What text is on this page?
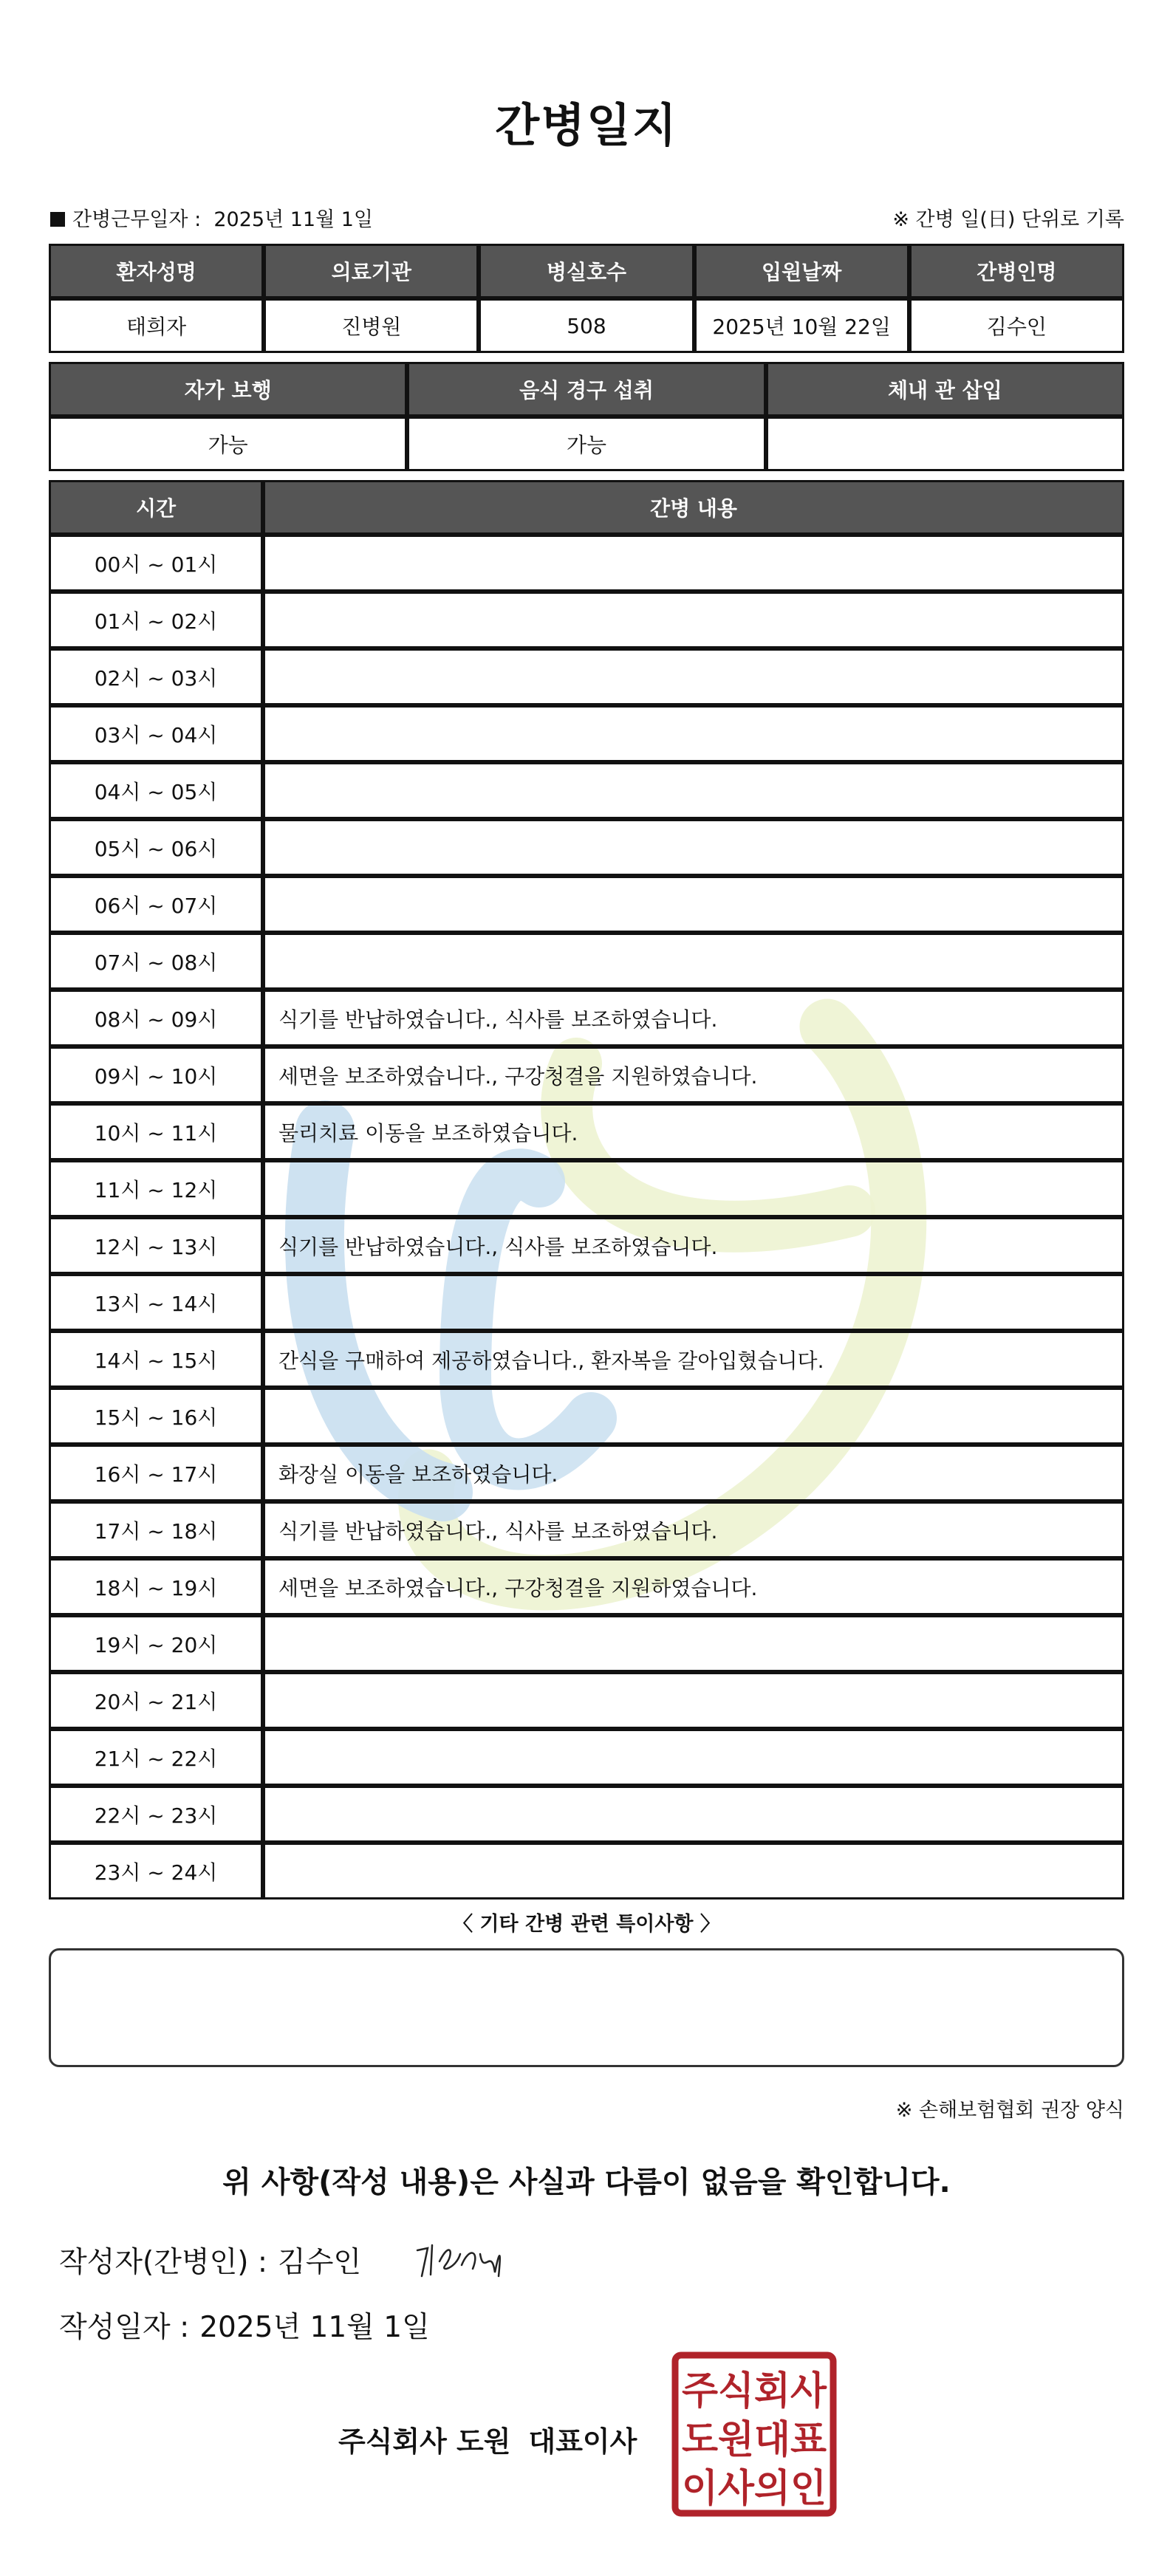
간병일지
간병근무일자 : 2025년 11월 1일	※ 간병 일(日) 단위로 기록
환자성명	의료기관	병실호수	입원날짜	간병인명
태희자	진병원	508	2025년 10월 22일	김수인
자가 보행	음식 경구 섭취	체내 관 삽입
가능	가능	
시간	간병 내용
00시 ~ 01시	
01시 ~ 02시	
02시 ~ 03시	
03시 ~ 04시	
04시 ~ 05시	
05시 ~ 06시	
06시 ~ 07시	
07시 ~ 08시	
08시 ~ 09시	식기를 반납하였습니다., 식사를 보조하였습니다.
09시 ~ 10시	세면을 보조하였습니다., 구강청결을 지원하였습니다.
10시 ~ 11시	물리치료 이동을 보조하였습니다.
11시 ~ 12시	
12시 ~ 13시	식기를 반납하였습니다., 식사를 보조하였습니다.
13시 ~ 14시	
14시 ~ 15시	간식을 구매하여 제공하였습니다., 환자복을 갈아입혔습니다.
15시 ~ 16시	
16시 ~ 17시	화장실 이동을 보조하였습니다.
17시 ~ 18시	식기를 반납하였습니다., 식사를 보조하였습니다.
18시 ~ 19시	세면을 보조하였습니다., 구강청결을 지원하였습니다.
19시 ~ 20시	
20시 ~ 21시	
21시 ~ 22시	
22시 ~ 23시	
23시 ~ 24시	
〈 기타 간병 관련 특이사항 〉
※ 손해보험협회 권장 양식
위 사항(작성 내용)은 사실과 다름이 없음을 확인합니다.
작성자(간병인) : 김수인
작성일자 : 2025년 11월 1일
주식회사 도원 대표이사
주식회사
도원대표
이사의인
